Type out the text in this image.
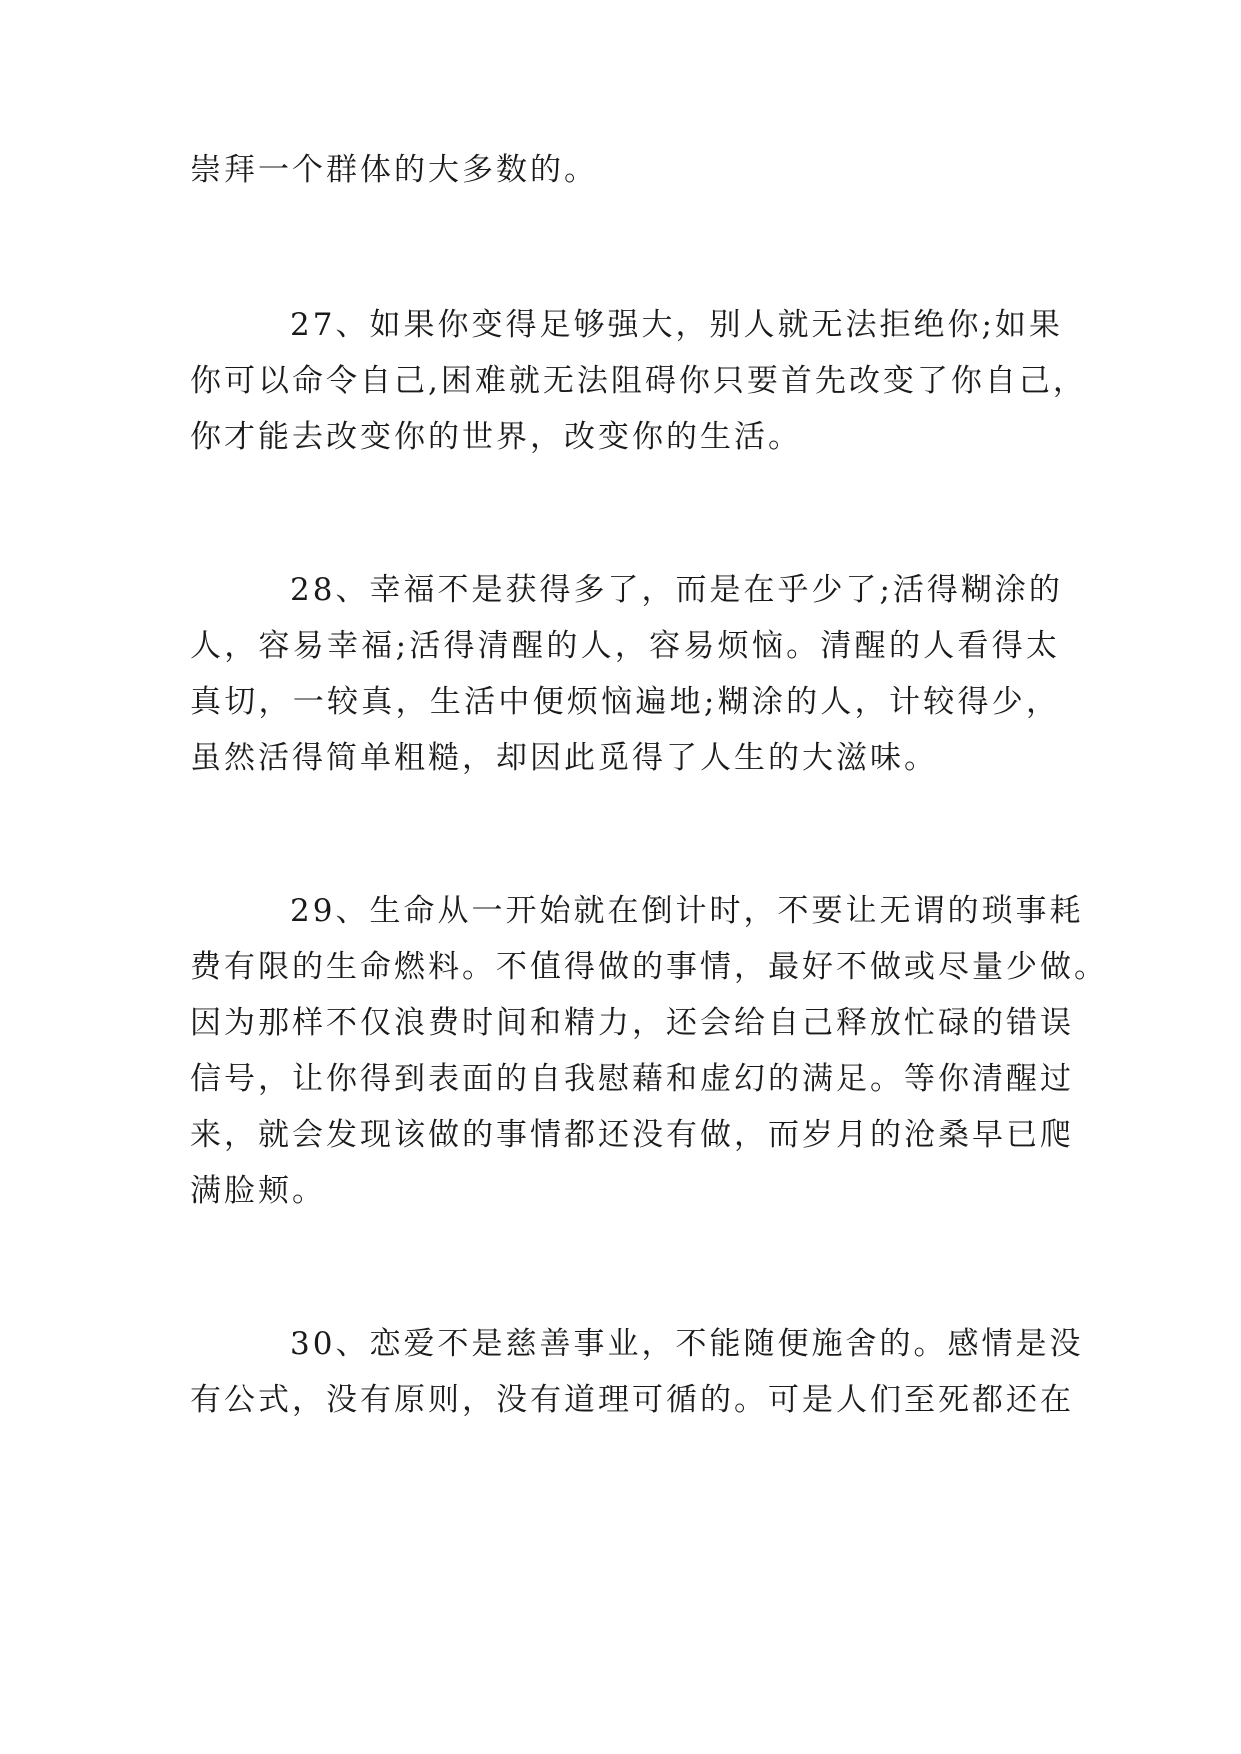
崇拜一个群体的大多数的。
27、如果你变得足够强大，别人就无法拒绝你;如果
你可以命令自己,困难就无法阻碍你只要首先改变了你自己，
你才能去改变你的世界，改变你的生活。
28、幸福不是获得多了，而是在乎少了;活得糊涂的
人，容易幸福;活得清醒的人，容易烦恼。清醒的人看得太
真切，一较真，生活中便烦恼遍地;糊涂的人，计较得少，
虽然活得简单粗糙，却因此觅得了人生的大滋味。
29、生命从一开始就在倒计时，不要让无谓的琐事耗
费有限的生命燃料。不值得做的事情，最好不做或尽量少做。
因为那样不仅浪费时间和精力，还会给自己释放忙碌的错误
信号，让你得到表面的自我慰藉和虚幻的满足。等你清醒过
来，就会发现该做的事情都还没有做，而岁月的沧桑早已爬
满脸颊。
30、恋爱不是慈善事业，不能随便施舍的。感情是没
有公式，没有原则，没有道理可循的。可是人们至死都还在
